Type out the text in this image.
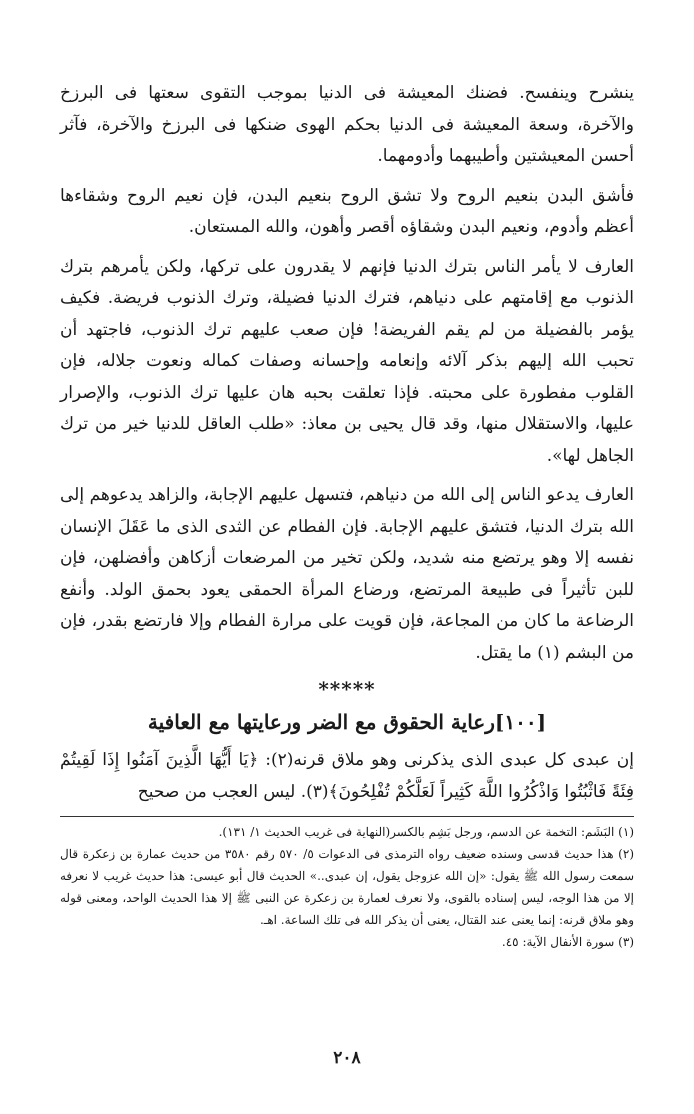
ينشرح وينفسح. فضنك المعيشة فى الدنيا بموجب التقوى سعتها فى البرزخ والآخرة، وسعة المعيشة فى الدنيا بحكم الهوى ضنكها فى البرزخ والآخرة، فآثر أحسن المعيشتين وأطيبهما وأدومهما.

فأشق البدن بنعيم الروح ولا تشق الروح بنعيم البدن، فإن نعيم الروح وشقاءها أعظم وأدوم، ونعيم البدن وشقاؤه أقصر وأهون، والله المستعان.

العارف لا يأمر الناس بترك الدنيا فإنهم لا يقدرون على تركها، ولكن يأمرهم بترك الذنوب مع إقامتهم على دنياهم، فترك الدنيا فضيلة، وترك الذنوب فريضة. فكيف يؤمر بالفضيلة من لم يقم الفريضة! فإن صعب عليهم ترك الذنوب، فاجتهد أن تحبب الله إليهم بذكر آلائه وإنعامه وإحسانه وصفات كماله ونعوت جلاله، فإن القلوب مفطورة على محبته. فإذا تعلقت بحبه هان عليها ترك الذنوب، والإصرار عليها، والاستقلال منها، وقد قال يحيى بن معاذ: «طلب العاقل للدنيا خير من ترك الجاهل لها».

العارف يدعو الناس إلى الله من دنياهم، فتسهل عليهم الإجابة، والزاهد يدعوهم إلى الله بترك الدنيا، فتشق عليهم الإجابة. فإن الفطام عن الثدى الذى ما عَقَلَ الإنسان نفسه إلا وهو يرتضع منه شديد، ولكن تخير من المرضعات أزكاهن وأفضلهن، فإن للبن تأثيراً فى طبيعة المرتضع، ورضاع المرأة الحمقى يعود بحمق الولد. وأنفع الرضاعة ما كان من المجاعة، فإن قويت على مرارة الفطام وإلا فارتضع بقدر، فإن من البشم (١) ما يقتل.

*****
[١٠٠]رعاية الحقوق مع الضر ورعايتها مع العافية

إن عبدى كل عبدى الذى يذكرنى وهو ملاق قرنه(٢): ﴿يَا أَيُّهَا الَّذِينَ آمَنُوا إِذَا لَقِيتُمْ فِئَةً فَاثْبُتُوا وَاذْكُرُوا اللَّهَ كَثِيراً لَعَلَّكُمْ تُفْلِحُونَ﴾(٣). ليس العجب من صحيح

(١) البَشَم: التخمة عن الدسم، ورجل بَشِم بالكسر(النهاية فى غريب الحديث ١/ ١٣١).

(٢) هذا حديث قدسى وسنده ضعيف رواه الترمذى فى الدعوات ٥/ ٥٧٠ رقم ٣٥٨٠ من حديث عمارة بن زعكرة قال سمعت رسول الله ﷺ يقول: «إن الله عزوجل يقول، إن عبدى..» الحديث قال أبو عيسى: هذا حديث غريب لا نعرفه إلا من هذا الوجه، ليس إسناده بالقوى، ولا نعرف لعمارة بن زعكرة عن النبى ﷺ إلا هذا الحديث الواحد، ومعنى قوله وهو ملاق قرنه: إنما يعنى عند القتال، يعنى أن يذكر الله فى تلك الساعة. اهـ.

(٣) سورة الأنفال الآية: ٤٥.

٢٠٨
